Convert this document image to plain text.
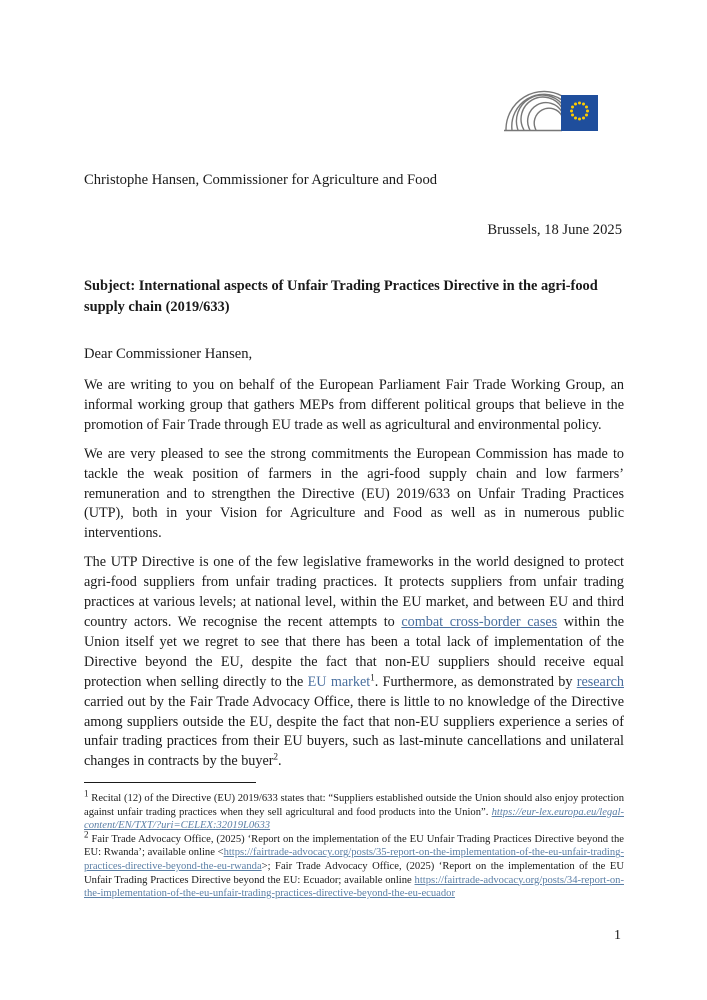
Christophe Hansen, Commissioner for Agriculture and Food
Brussels, 18 June 2025
Subject: International aspects of Unfair Trading Practices Directive in the agri-food supply chain (2019/633)
Dear Commissioner Hansen,

We are writing to you on behalf of the European Parliament Fair Trade Working Group, an informal working group that gathers MEPs from different political groups that believe in the promotion of Fair Trade through EU trade as well as agricultural and environmental policy.

We are very pleased to see the strong commitments the European Commission has made to tackle the weak position of farmers in the agri-food supply chain and low farmers’ remuneration and to strengthen the Directive (EU) 2019/633 on Unfair Trading Practices (UTP), both in your Vision for Agriculture and Food as well as in numerous public interventions.

The UTP Directive is one of the few legislative frameworks in the world designed to protect agri-food suppliers from unfair trading practices. It protects suppliers from unfair trading practices at various levels; at national level, within the EU market, and between EU and third country actors. We recognise the recent attempts to combat cross-border cases within the Union itself yet we regret to see that there has been a total lack of implementation of the Directive beyond the EU, despite the fact that non-EU suppliers should receive equal protection when selling directly to the EU market$^1$. Furthermore, as demonstrated by research carried out by the Fair Trade Advocacy Office, there is little to no knowledge of the Directive among suppliers outside the EU, despite the fact that non-EU suppliers experience a series of unfair trading practices from their EU buyers, such as last-minute cancellations and unilateral changes in contracts by the buyer$^2$.

$^1$ Recital (12) of the Directive (EU) 2019/633 states that: “Suppliers established outside the Union should also enjoy protection against unfair trading practices when they sell agricultural and food products into the Union”. https://eur-lex.europa.eu/legal-content/EN/TXT/?uri=CELEX:32019L0633

$^2$ Fair Trade Advocacy Office, (2025) ‘Report on the implementation of the EU Unfair Trading Practices Directive beyond the EU: Rwanda’; available online <https://fairtrade-advocacy.org/posts/35-report-on-the-implementation-of-the-eu-unfair-trading-practices-directive-beyond-the-eu-rwanda>; Fair Trade Advocacy Office, (2025) ‘Report on the implementation of the EU Unfair Trading Practices Directive beyond the EU: Ecuador; available online https://fairtrade-advocacy.org/posts/34-report-on-the-implementation-of-the-eu-unfair-trading-practices-directive-beyond-the-eu-ecuador

1
